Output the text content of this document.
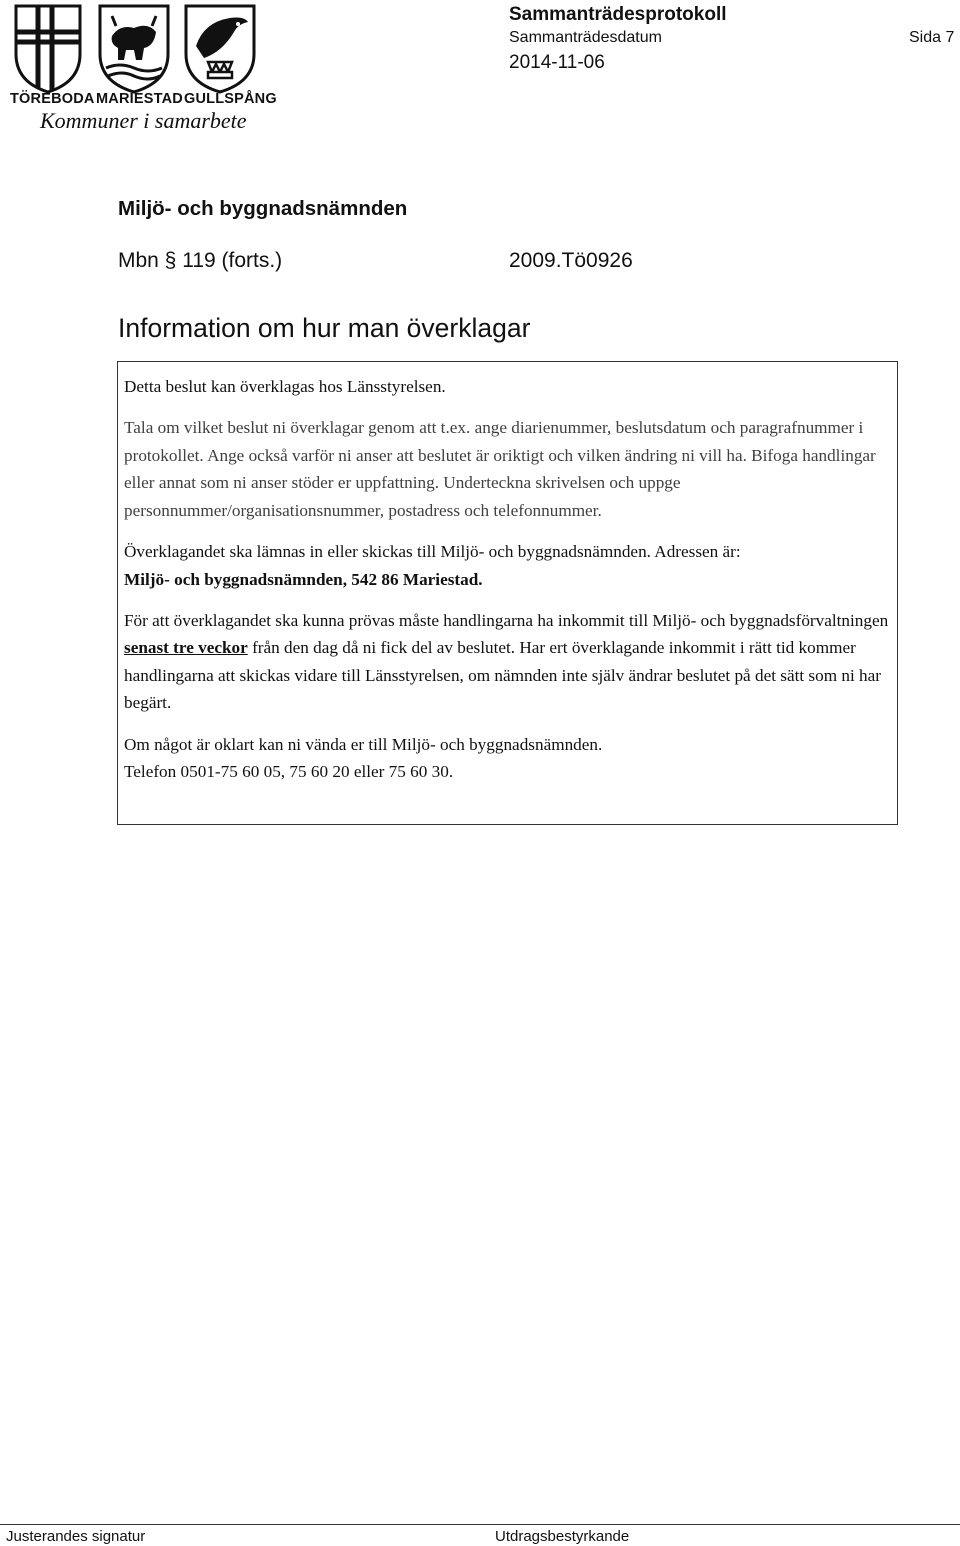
TÖREBODA MARIESTAD GULLSPÅNG
Kommuner i samarbete
Sammanträdesprotokoll
Sammanträdesdatum	Sida 7
2014-11-06
Miljö- och byggnadsnämnden
Mbn § 119 (forts.)	2009.Tö0926
Information om hur man överklagar

Detta beslut kan överklagas hos Länsstyrelsen.

Tala om vilket beslut ni överklagar genom att t.ex. ange diarienummer, beslutsdatum och paragrafnummer i protokollet. Ange också varför ni anser att beslutet är oriktigt och vilken ändring ni vill ha. Bifoga handlingar eller annat som ni anser stöder er uppfattning. Underteckna skrivelsen och uppge personnummer/organisationsnummer, postadress och telefonnummer.

Överklagandet ska lämnas in eller skickas till Miljö- och byggnadsnämnden. Adressen är:
Miljö- och byggnadsnämnden, 542 86 Mariestad.

För att överklagandet ska kunna prövas måste handlingarna ha inkommit till Miljö- och byggnadsförvaltningen senast tre veckor från den dag då ni fick del av beslutet. Har ert överklagande inkommit i rätt tid kommer handlingarna att skickas vidare till Länsstyrelsen, om nämnden inte själv ändrar beslutet på det sätt som ni har begärt.

Om något är oklart kan ni vända er till Miljö- och byggnadsnämnden.
Telefon 0501-75 60 05, 75 60 20 eller 75 60 30.

Justerandes signatur	Utdragsbestyrkande
